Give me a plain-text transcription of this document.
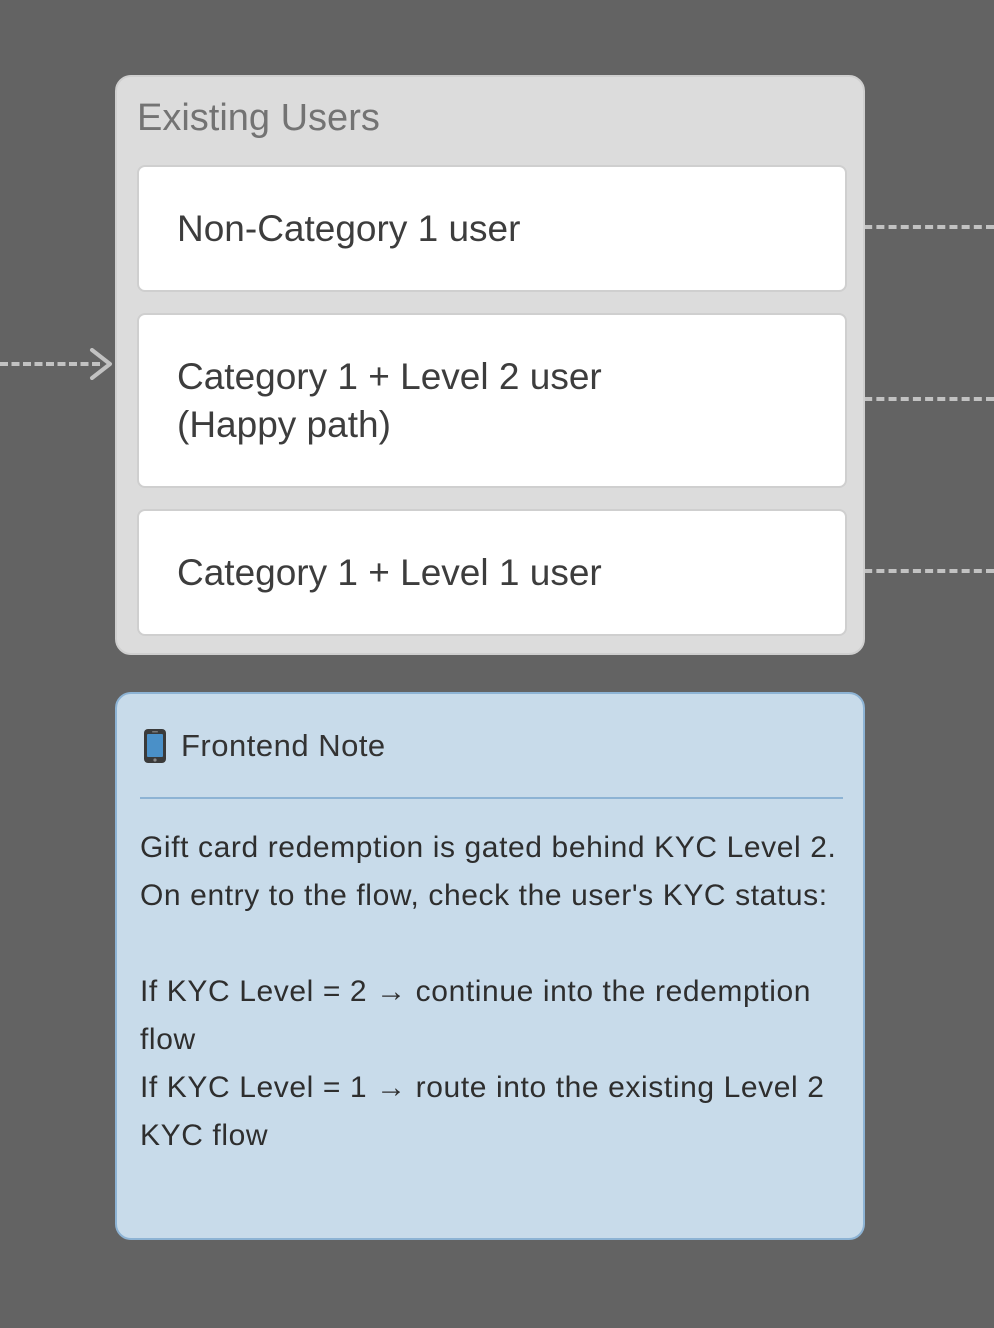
Existing Users
Non-Category 1 user
Category 1 + Level 2 user
(Happy path)
Category 1 + Level 1 user
Frontend Note

Gift card redemption is gated behind KYC Level 2. On entry to the flow, check the user's KYC status:

If KYC Level = 2 → continue into the redemption flow

If KYC Level = 1 → route into the existing Level 2 KYC flow
